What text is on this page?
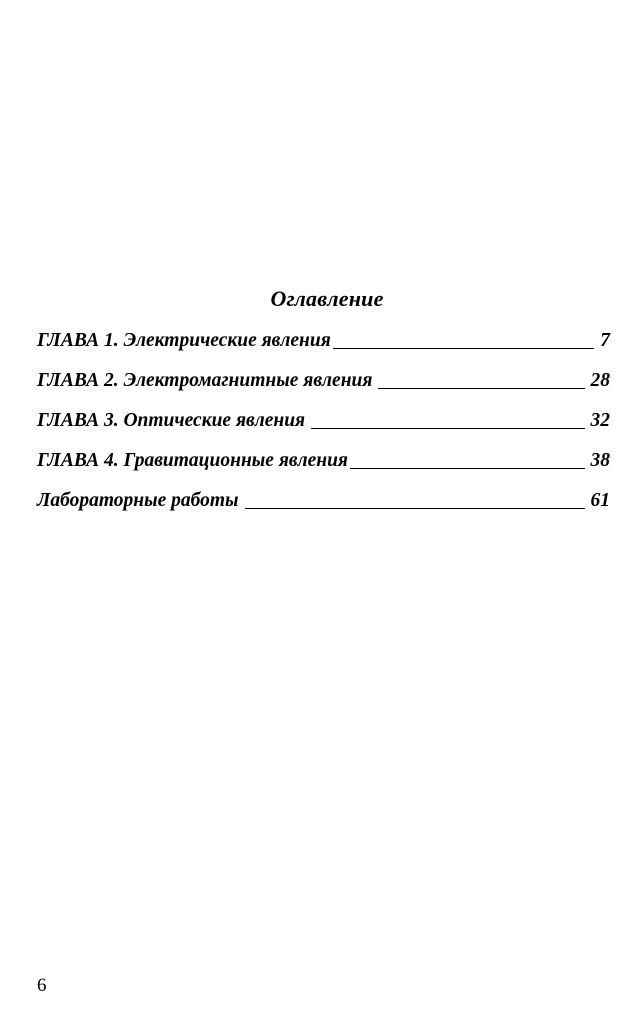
Оглавление
ГЛАВА 1. Электрические явления	7
ГЛАВА 2. Электромагнитные явления	28
ГЛАВА 3. Оптические явления	32
ГЛАВА 4. Гравитационные явления	38
Лабораторные работы	61
6
